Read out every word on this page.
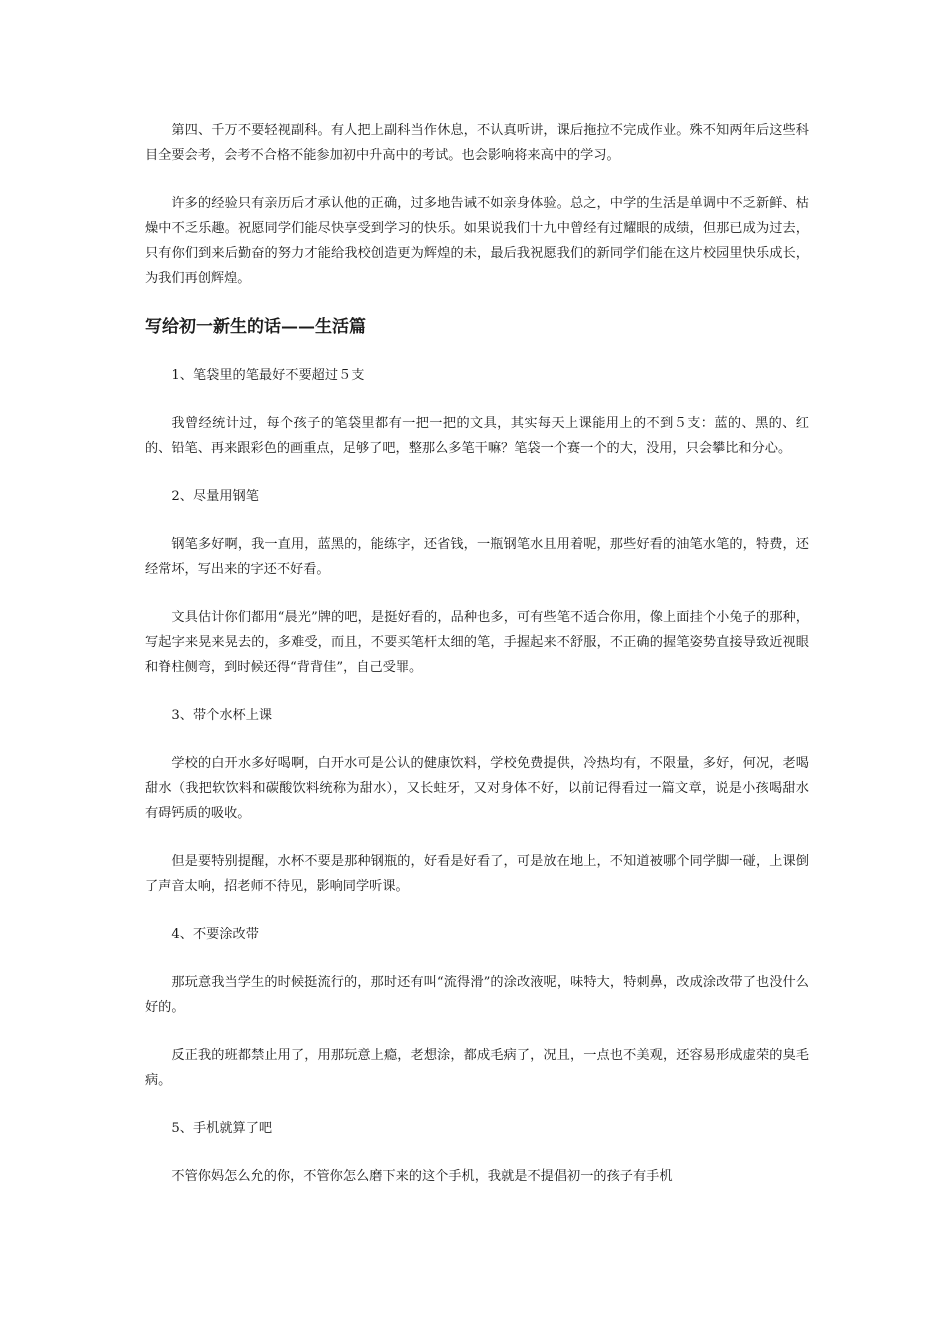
第四、千万不要轻视副科。有人把上副科当作休息，不认真听讲，课后拖拉不完成作业。殊不知两年后这些科目全要会考，会考不合格不能参加初中升高中的考试。也会影响将来高中的学习。

许多的经验只有亲历后才承认他的正确，过多地告诫不如亲身体验。总之，中学的生活是单调中不乏新鲜、枯燥中不乏乐趣。祝愿同学们能尽快享受到学习的快乐。如果说我们十九中曾经有过耀眼的成绩，但那已成为过去，只有你们到来后勤奋的努力才能给我校创造更为辉煌的未，最后我祝愿我们的新同学们能在这片校园里快乐成长，为我们再创辉煌。

写给初一新生的话——生活篇

1、笔袋里的笔最好不要超过５支

我曾经统计过，每个孩子的笔袋里都有一把一把的文具，其实每天上课能用上的不到５支：蓝的、黑的、红的、铅笔、再来跟彩色的画重点，足够了吧，整那么多笔干嘛？笔袋一个赛一个的大，没用，只会攀比和分心。

2、尽量用钢笔

钢笔多好啊，我一直用，蓝黑的，能练字，还省钱，一瓶钢笔水且用着呢，那些好看的油笔水笔的，特费，还经常坏，写出来的字还不好看。

文具估计你们都用“晨光”牌的吧，是挺好看的，品种也多，可有些笔不适合你用，像上面挂个小兔子的那种，写起字来晃来晃去的，多难受，而且，不要买笔杆太细的笔，手握起来不舒服，不正确的握笔姿势直接导致近视眼和脊柱侧弯，到时候还得“背背佳”，自己受罪。

3、带个水杯上课

学校的白开水多好喝啊，白开水可是公认的健康饮料，学校免费提供，冷热均有，不限量，多好，何况，老喝甜水（我把软饮料和碳酸饮料统称为甜水），又长蛀牙，又对身体不好，以前记得看过一篇文章，说是小孩喝甜水有碍钙质的吸收。

但是要特别提醒，水杯不要是那种钢瓶的，好看是好看了，可是放在地上，不知道被哪个同学脚一碰，上课倒了声音太响，招老师不待见，影响同学听课。

4、不要涂改带

那玩意我当学生的时候挺流行的，那时还有叫“流得滑”的涂改液呢，味特大，特刺鼻，改成涂改带了也没什么好的。

反正我的班都禁止用了，用那玩意上瘾，老想涂，都成毛病了，况且，一点也不美观，还容易形成虚荣的臭毛病。

5、手机就算了吧

不管你妈怎么允的你，不管你怎么磨下来的这个手机，我就是不提倡初一的孩子有手机
